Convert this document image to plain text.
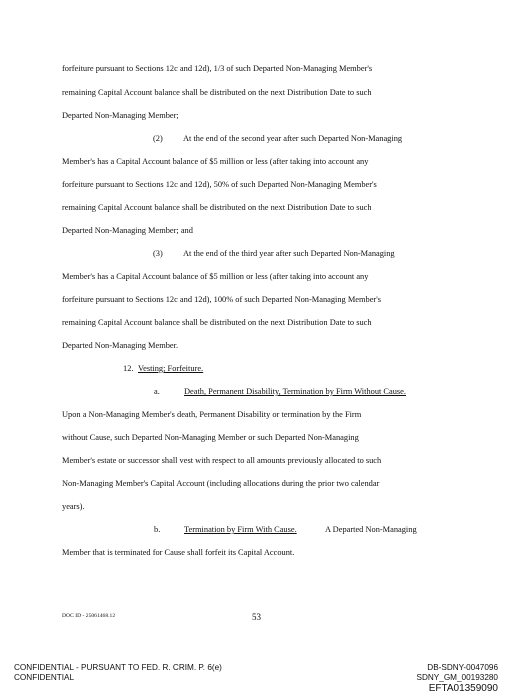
forfeiture pursuant to Sections 12c and 12d), 1/3 of such Departed Non-Managing Member's
remaining Capital Account balance shall be distributed on the next Distribution Date to such
Departed Non-Managing Member;
(2) At the end of the second year after such Departed Non-Managing
Member's has a Capital Account balance of $5 million or less (after taking into account any
forfeiture pursuant to Sections 12c and 12d), 50% of such Departed Non-Managing Member's
remaining Capital Account balance shall be distributed on the next Distribution Date to such
Departed Non-Managing Member; and
(3) At the end of the third year after such Departed Non-Managing
Member's has a Capital Account balance of $5 million or less (after taking into account any
forfeiture pursuant to Sections 12c and 12d), 100% of such Departed Non-Managing Member's
remaining Capital Account balance shall be distributed on the next Distribution Date to such
Departed Non-Managing Member.
12. Vesting; Forfeiture.
a.	Death, Permanent Disability, Termination by Firm Without Cause.
Upon a Non-Managing Member's death, Permanent Disability or termination by the Firm
without Cause, such Departed Non-Managing Member or such Departed Non-Managing
Member's estate or successor shall vest with respect to all amounts previously allocated to such
Non-Managing Member's Capital Account (including allocations during the prior two calendar
years).
b.	Termination by Firm With Cause.	A Departed Non-Managing
Member that is terminated for Cause shall forfeit its Capital Account.
DOC ID - 25061468.12	53
CONFIDENTIAL - PURSUANT TO FED. R. CRIM. P. 6(e)
CONFIDENTIAL
DB-SDNY-0047096
SDNY_GM_00193280
EFTA01359090
